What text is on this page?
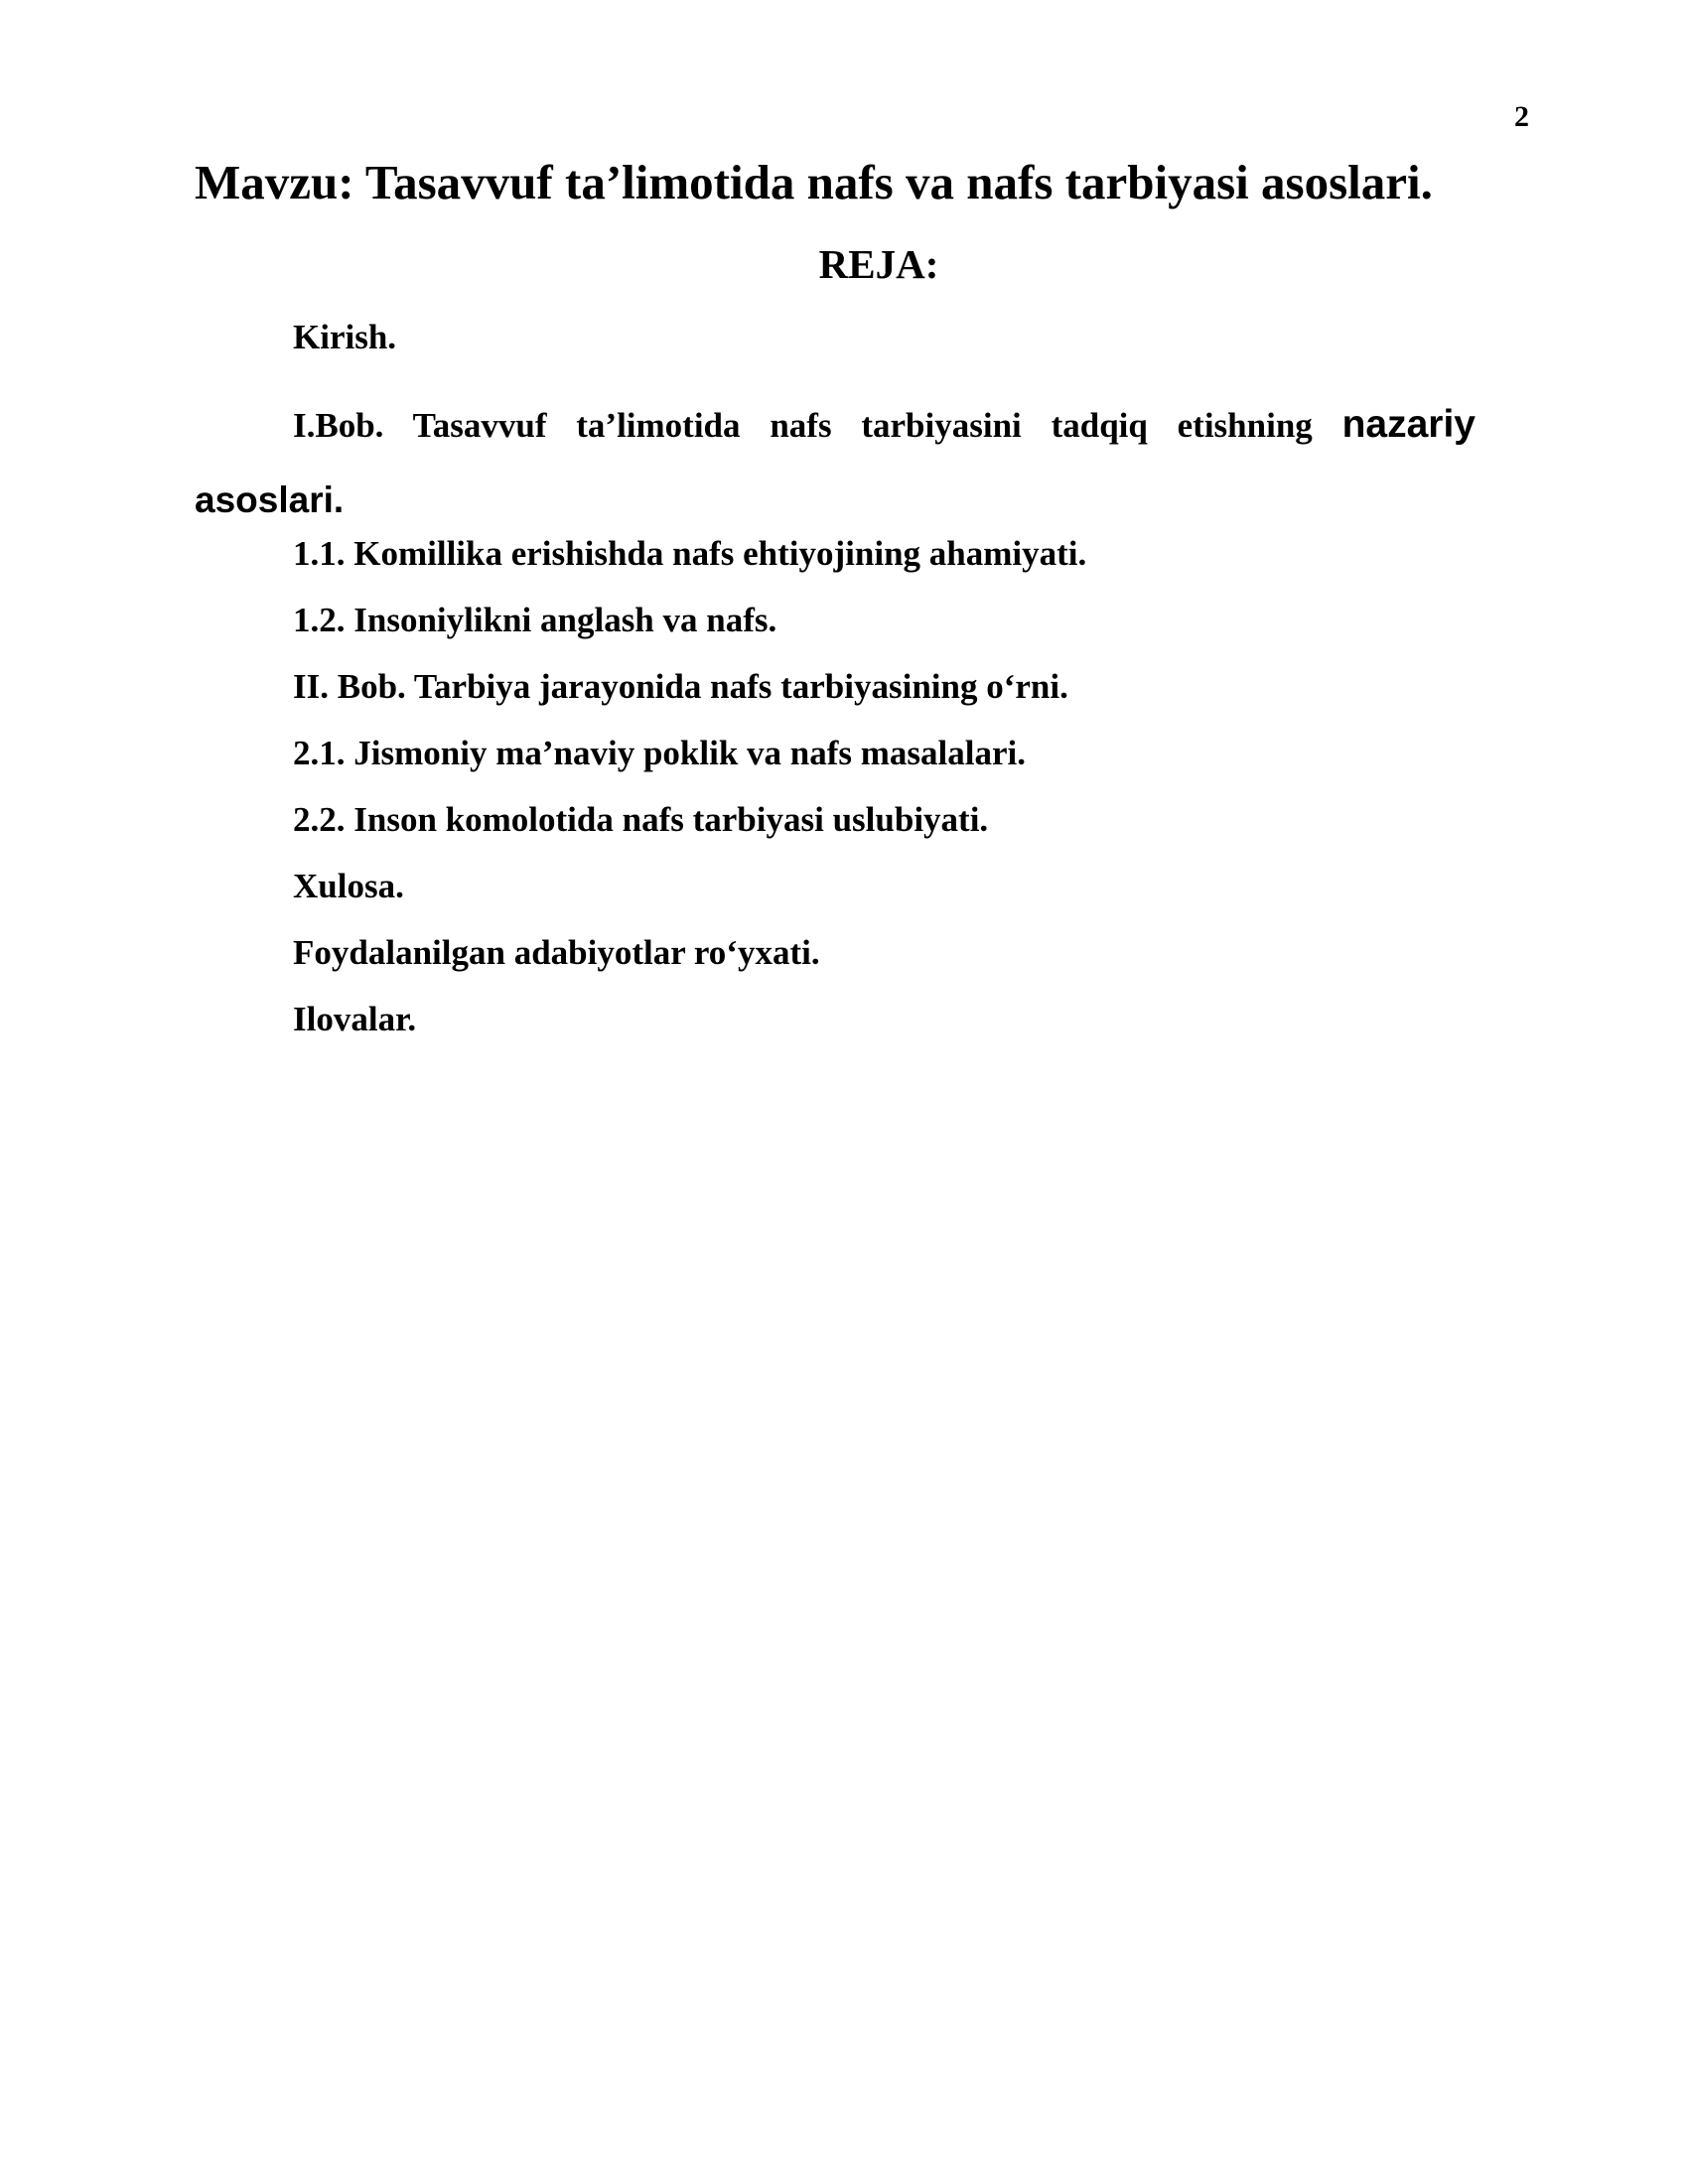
2
Mavzu: Tasavvuf ta’limotida nafs va nafs tarbiyasi asoslari.
REJA:
Kirish.
I.Bob. Tasavvuf ta’limotida nafs tarbiyasini tadqiq etishning nazariy asoslari.
1.1. Komillika erishishda nafs ehtiyojining ahamiyati.
1.2. Insoniylikni anglash va nafs.
II. Bob. Tarbiya jarayonida nafs tarbiyasining o‘rni.
2.1. Jismoniy ma’naviy poklik va nafs masalalari.
2.2. Inson komolotida nafs tarbiyasi uslubiyati.
Xulosa.
Foydalanilgan adabiyotlar ro‘yxati.
Ilovalar.
